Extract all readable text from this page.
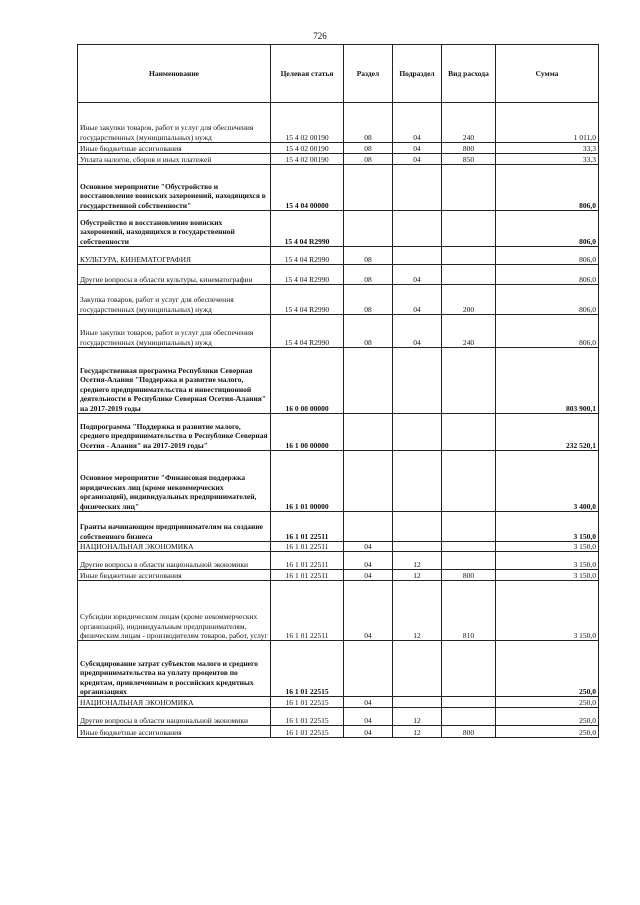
726
Наименование	Целевая статья	Раздел	Подраздел	Вид расхода	Сумма
Иные закупки товаров, работ и услуг для обеспечения государственных (муниципальных) нужд	15 4 02 00190	08	04	240	1 011,0
Иные бюджетные ассигнования	15 4 02 00190	08	04	800	33,3
Уплата налогов, сборов и иных платежей	15 4 02 00190	08	04	850	33,3
Основное мероприятие "Обустройство и восстановление воинских захоронений, находящихся в государственной собственности"	15 4 04 00000				806,0
Обустройство и восстановление воинских захоронений, находящихся в государственной собственности	15 4 04 R2990				806,0
КУЛЬТУРА, КИНЕМАТОГРАФИЯ	15 4 04 R2990	08			806,0
Другие вопросы в области культуры, кинематографии	15 4 04 R2990	08	04		806,0
Закупка товаров, работ и услуг для обеспечения государственных (муниципальных) нужд	15 4 04 R2990	08	04	200	806,0
Иные закупки товаров, работ и услуг для обеспечения государственных (муниципальных) нужд	15 4 04 R2990	08	04	240	806,0
Государственная программа Республики Северная Осетия-Алания "Поддержка и развитие малого, среднего предпринимательства и инвестиционной деятельности в Республике Северная Осетия-Алания" на 2017-2019 годы	16 0 00 00000				803 900,1
Подпрограмма "Поддержка и развитие малого, среднего предпринимательства в Республике Северная Осетия - Алания" на 2017-2019 годы"	16 1 00 00000				232 520,1
Основное мероприятие "Финансовая поддержка юридических лиц (кроме некоммерческих организаций), индивидуальных предпринимателей, физических лиц"	16 1 01 00000				3 400,0
Гранты начинающим предпринимателям на создание собственного бизнеса	16 1 01 22511				3 150,0
НАЦИОНАЛЬНАЯ ЭКОНОМИКА	16 1 01 22511	04			3 150,0
Другие вопросы в области национальной экономики	16 1 01 22511	04	12		3 150,0
Иные бюджетные ассигнования	16 1 01 22511	04	12	800	3 150,0
Субсидии юридическим лицам (кроме некоммерческих организаций), индивидуальным предпринимателям, физическим лицам - производителям товаров, работ, услуг	16 1 01 22511	04	12	810	3 150,0
Субсидирование затрат субъектов малого и среднего предпринимательства на уплату процентов по кредитам, привлеченным в российских кредитных организациях	16 1 01 22515				250,0
НАЦИОНАЛЬНАЯ ЭКОНОМИКА	16 1 01 22515	04			250,0
Другие вопросы в области национальной экономики	16 1 01 22515	04	12		250,0
Иные бюджетные ассигнования	16 1 01 22515	04	12	800	250,0
